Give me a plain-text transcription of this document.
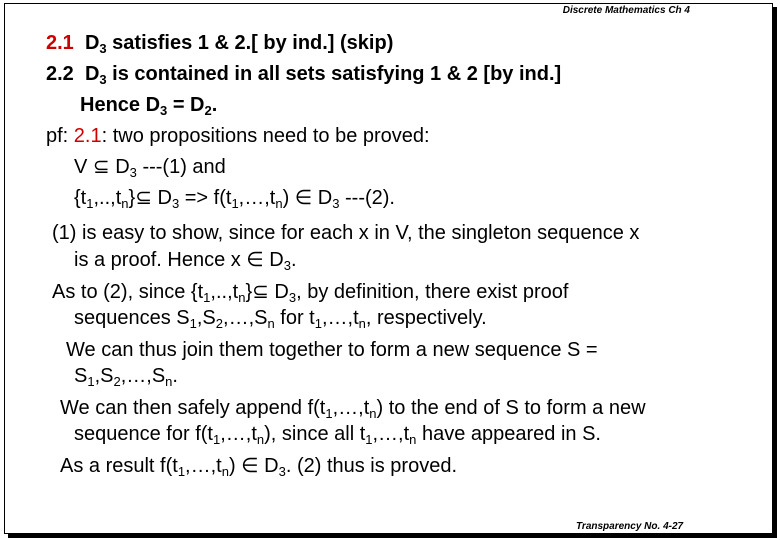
Discrete Mathematics Ch 4
2.1 $D_3$ satisfies 1 & 2.[ by ind.] (skip)
2.2 $D_3$ is contained in all sets satisfying 1 & 2 [by ind.]
Hence $D_3 = D_2$.
pf: 2.1: two propositions need to be proved:
V ⊆ $D_3$ ---(1) and
$\{t_1,..,t_n\}⊆$ $D_3$ => $f(t_1,\dots,t_n)$ ∈ $D_3$ ---(2).
(1) is easy to show, since for each x in V, the singleton sequence x
is a proof. Hence x ∈ $D_3$.
As to (2), since $\{t_1,..,t_n\}⊆$ $D_3$, by definition, there exist proof
sequences $S_1,S_2,\dots,S_n$ for $t_1,\dots,t_n$, respectively.
We can thus join them together to form a new sequence S =
$S_1,S_2,\dots,S_n$.
We can then safely append $f(t_1,\dots,t_n)$ to the end of S to form a new
sequence for $f(t_1,\dots,t_n)$, since all $t_1,\dots,t_n$ have appeared in S.
As a result $f(t_1,\dots,t_n)$ ∈ $D_3$. (2) thus is proved.
Transparency No. 4-27
